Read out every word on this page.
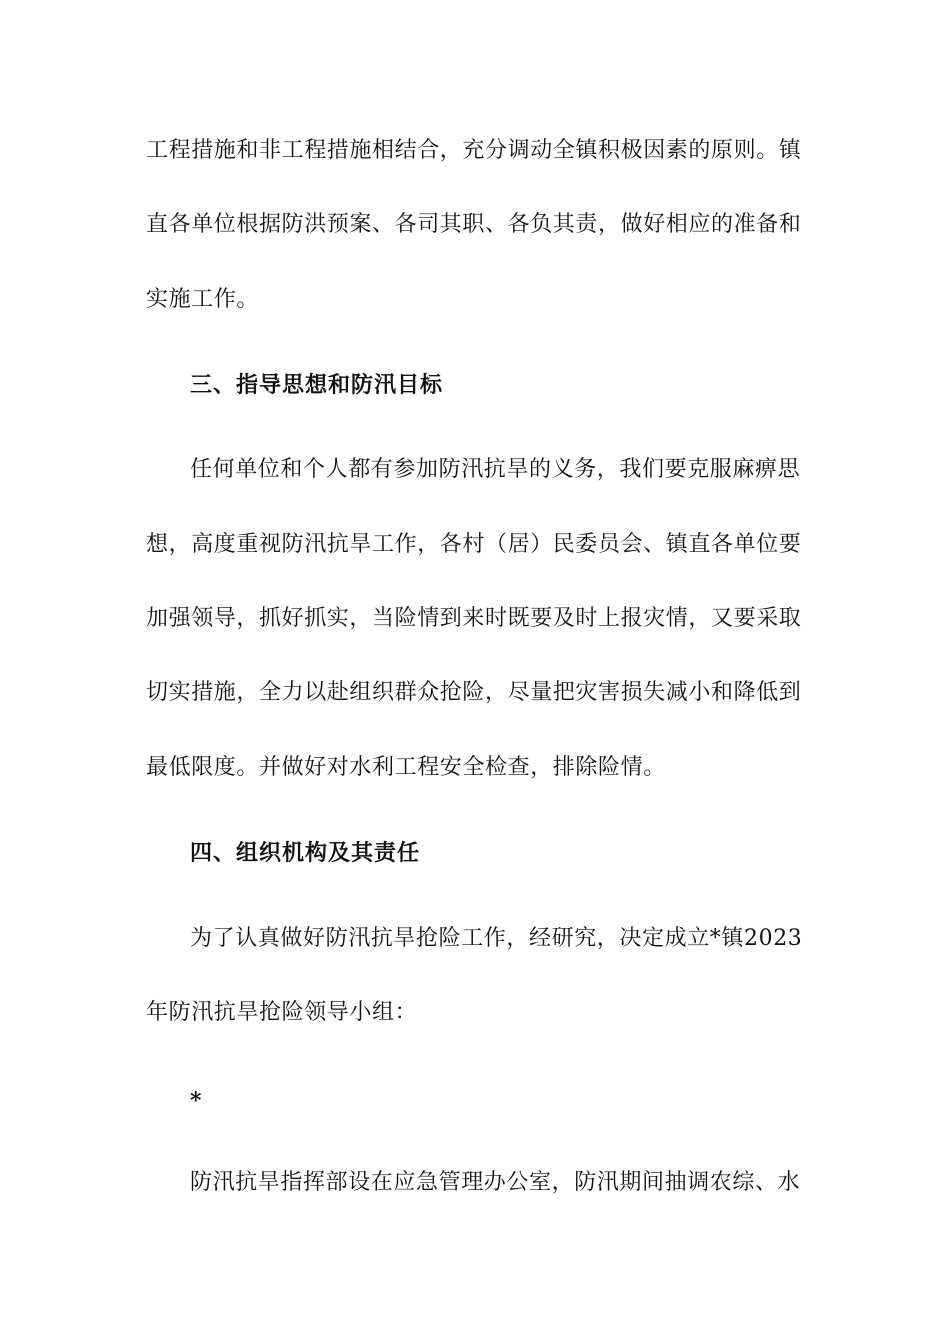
工程措施和非工程措施相结合，充分调动全镇积极因素的原则。镇
直各单位根据防洪预案、各司其职、各负其责，做好相应的准备和
实施工作。
三、指导思想和防汛目标
任何单位和个人都有参加防汛抗旱的义务，我们要克服麻痹思
想，高度重视防汛抗旱工作，各村（居）民委员会、镇直各单位要
加强领导，抓好抓实，当险情到来时既要及时上报灾情，又要采取
切实措施，全力以赴组织群众抢险，尽量把灾害损失减小和降低到
最低限度。并做好对水利工程安全检查，排除险情。
四、组织机构及其责任
为了认真做好防汛抗旱抢险工作，经研究，决定成立*镇2023
年防汛抗旱抢险领导小组：
*
防汛抗旱指挥部设在应急管理办公室，防汛期间抽调农综、水
